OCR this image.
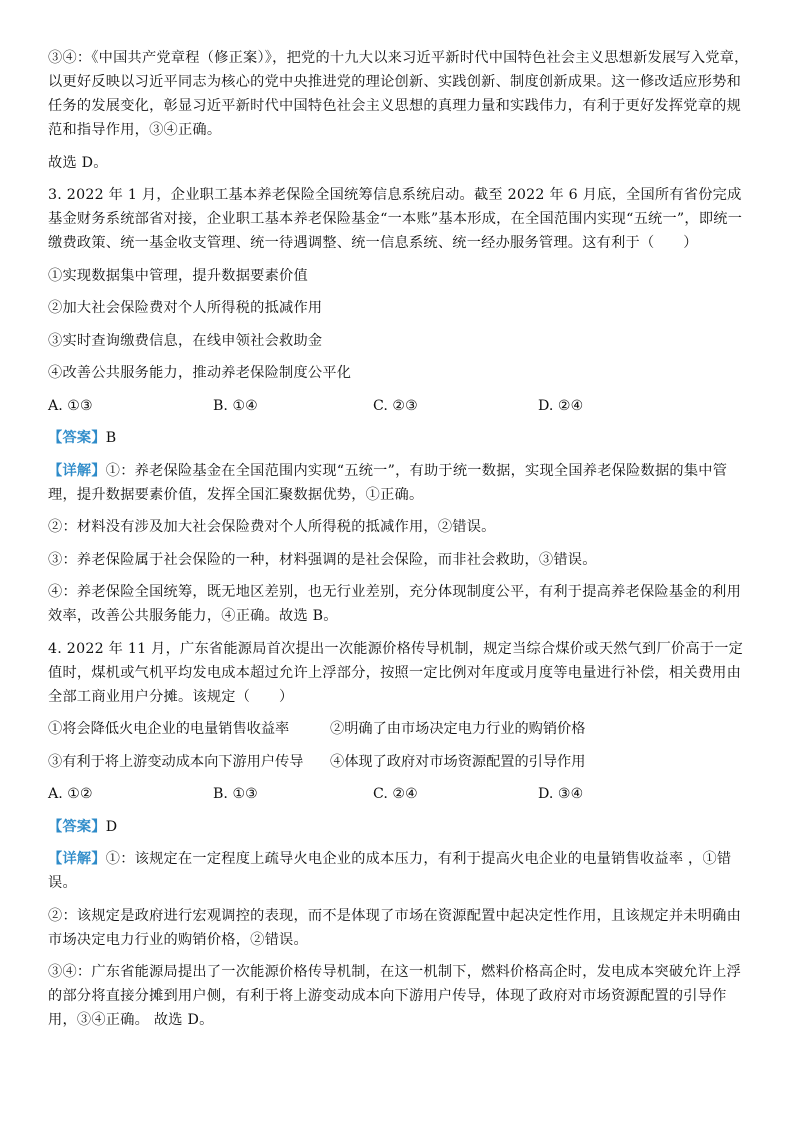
③④：《中国共产党章程（修正案）》，把党的十九大以来习近平新时代中国特色社会主义思想新发展写入党章，以更好反映以习近平同志为核心的党中央推进党的理论创新、实践创新、制度创新成果。这一修改适应形势和任务的发展变化，彰显习近平新时代中国特色社会主义思想的真理力量和实践伟力，有利于更好发挥党章的规范和指导作用，③④正确。

故选 D。

3. 2022 年 1 月，企业职工基本养老保险全国统筹信息系统启动。截至 2022 年 6 月底，全国所有省份完成基金财务系统部省对接，企业职工基本养老保险基金“一本账”基本形成，在全国范围内实现“五统一”，即统一缴费政策、统一基金收支管理、统一待遇调整、统一信息系统、统一经办服务管理。这有利于（　　）

①实现数据集中管理，提升数据要素价值

②加大社会保险费对个人所得税的抵减作用

③实时查询缴费信息，在线申领社会救助金

④改善公共服务能力，推动养老保险制度公平化

A. ①③	B. ①④	C. ②③	D. ②④

【答案】B

【详解】①：养老保险基金在全国范围内实现“五统一”，有助于统一数据，实现全国养老保险数据的集中管理，提升数据要素价值，发挥全国汇聚数据优势，①正确。

②：材料没有涉及加大社会保险费对个人所得税的抵减作用，②错误。

③：养老保险属于社会保险的一种，材料强调的是社会保险，而非社会救助，③错误。

④：养老保险全国统筹，既无地区差别，也无行业差别，充分体现制度公平，有利于提高养老保险基金的利用效率，改善公共服务能力，④正确。故选 B。

4. 2022 年 11 月，广东省能源局首次提出一次能源价格传导机制，规定当综合煤价或天然气到厂价高于一定值时，煤机或气机平均发电成本超过允许上浮部分，按照一定比例对年度或月度等电量进行补偿，相关费用由全部工商业用户分摊。该规定（　　）

①将会降低火电企业的电量销售收益率	②明确了由市场决定电力行业的购销价格
③有利于将上游变动成本向下游用户传导	④体现了政府对市场资源配置的引导作用
A. ①②	B. ①③	C. ②④	D. ③④

【答案】D

【详解】①：该规定在一定程度上疏导火电企业的成本压力，有利于提高火电企业的电量销售收益率 ，①错误。

②：该规定是政府进行宏观调控的表现，而不是体现了市场在资源配置中起决定性作用，且该规定并未明确由市场决定电力行业的购销价格，②错误。

③④：广东省能源局提出了一次能源价格传导机制，在这一机制下，燃料价格高企时，发电成本突破允许上浮的部分将直接分摊到用户侧，有利于将上游变动成本向下游用户传导，体现了政府对市场资源配置的引导作用，③④正确。 故选 D。
